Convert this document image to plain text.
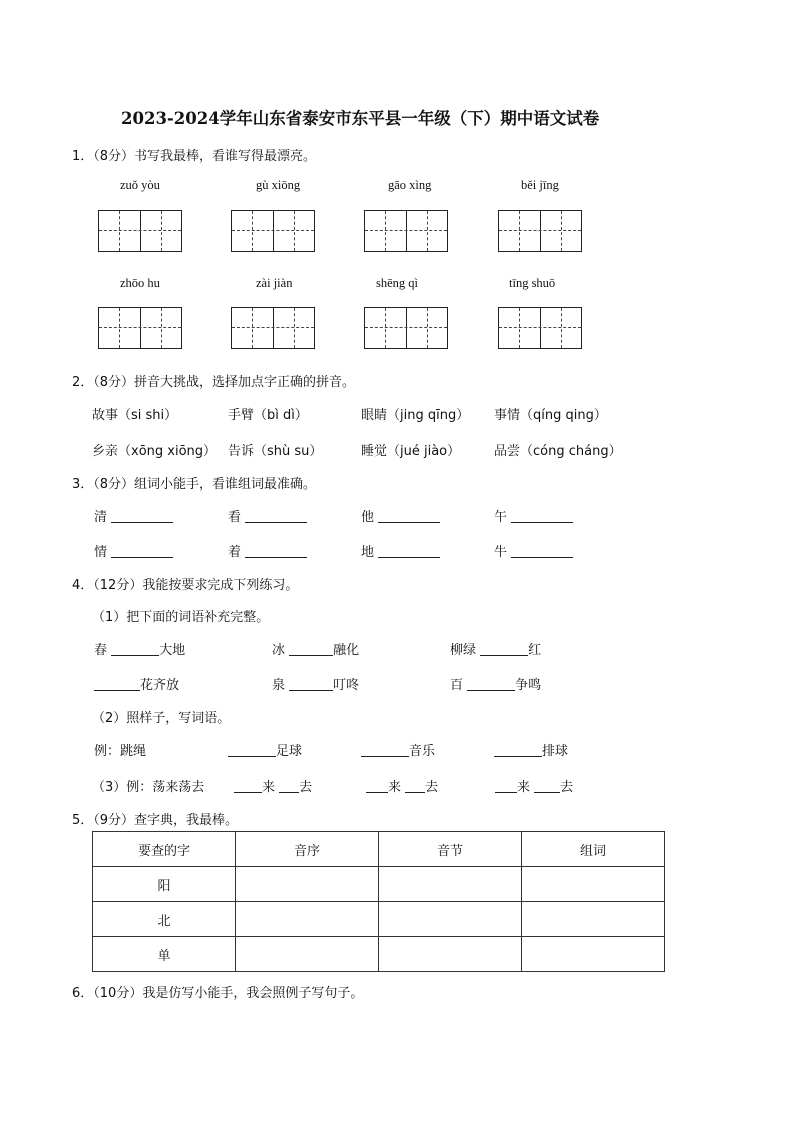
2023-2024学年山东省泰安市东平县一年级（下）期中语文试卷
1．（8分）书写我最棒，看谁写得最漂亮。
zuǒ yòu	gù xiōng	gāo xìng	běi jīng
zhōo hu	zài jiàn	shēng qì	tīng shuō
2．（8分）拼音大挑战，选择加点字正确的拼音。
故事（si shi）	手臂（bì dì）	眼睛（jing qīng） 事情（qíng qing）
乡亲（xōng xiōng） 告诉（shù su）	睡觉（jué jiào）	品尝（cóng cháng）
3．（8分）组词小能手，看谁组词最准确。
清	看	他	午
情	着	地	牛
4．（12分）我能按要求完成下列练习。
（1）把下面的词语补充完整。
春	大地	冰	融化	柳绿	红
花齐放	泉	叮咚	百	争鸣
（2）照样子，写词语。
例：跳绳	足球	音乐	排球
（3）例：荡来荡去	来 去	来 去	来 去
5．（9分）查字典，我最棒。
要查的字	音序	音节	组词
阳			
北			
单			
6．（10分）我是仿写小能手，我会照例子写句子。
